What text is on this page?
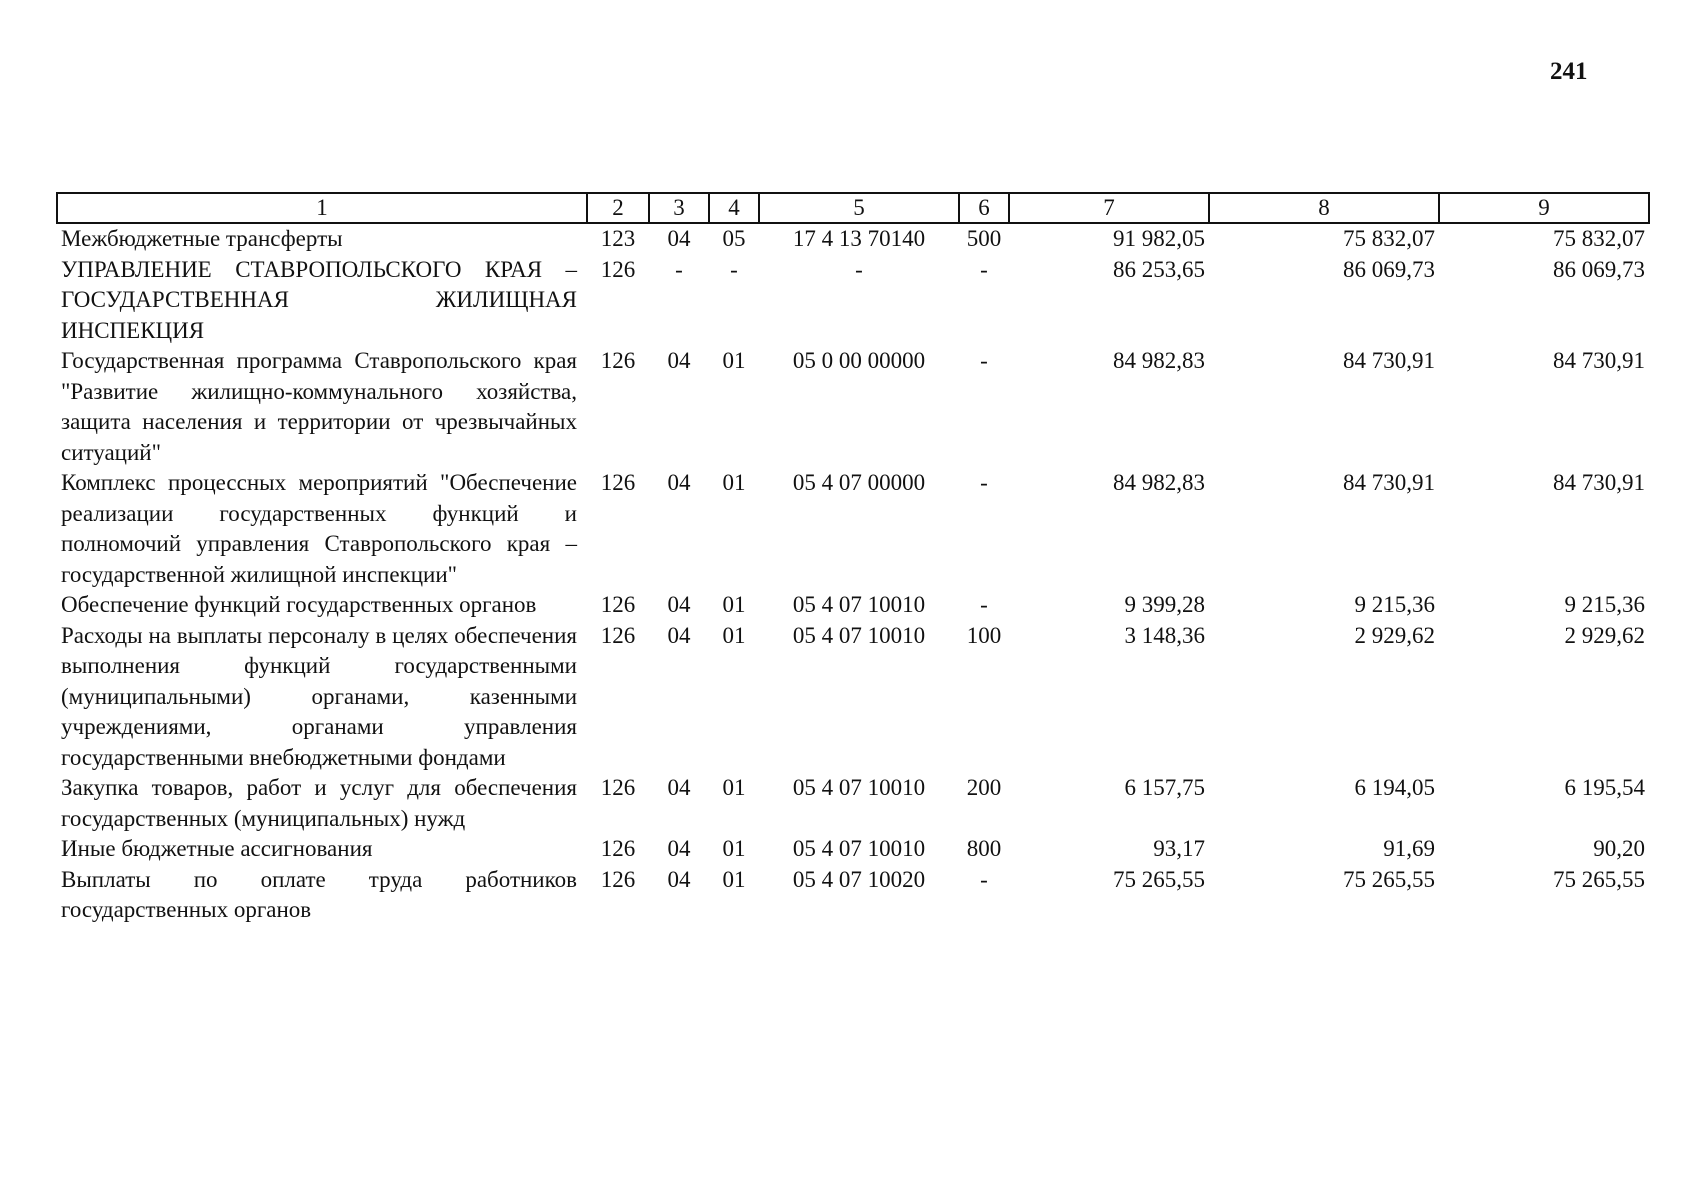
241
1	2	3	4	5	6	7	8	9
Межбюджетные трансферты	123	04	05	17 4 13 70140	500	91 982,05	75 832,07	75 832,07
УПРАВЛЕНИЕ СТАВРОПОЛЬСКОГО КРАЯ – ГОСУДАРСТВЕННАЯ ЖИЛИЩНАЯ ИНСПЕКЦИЯ	126	-	-	-	-	86 253,65	86 069,73	86 069,73
Государственная программа Ставропольского края "Развитие жилищно-коммунального хозяйства, защита населения и территории от чрезвычайных ситуаций"	126	04	01	05 0 00 00000	-	84 982,83	84 730,91	84 730,91
Комплекс процессных мероприятий "Обеспечение реализации государственных функций и полномочий управления Ставропольского края – государственной жилищной инспекции"	126	04	01	05 4 07 00000	-	84 982,83	84 730,91	84 730,91
Обеспечение функций государственных органов	126	04	01	05 4 07 10010	-	9 399,28	9 215,36	9 215,36
Расходы на выплаты персоналу в целях обеспечения выполнения функций государственными (муниципальными) органами, казенными учреждениями, органами управления государственными внебюджетными фондами	126	04	01	05 4 07 10010	100	3 148,36	2 929,62	2 929,62
Закупка товаров, работ и услуг для обеспечения государственных (муниципальных) нужд	126	04	01	05 4 07 10010	200	6 157,75	6 194,05	6 195,54
Иные бюджетные ассигнования	126	04	01	05 4 07 10010	800	93,17	91,69	90,20
Выплаты по оплате труда работников государственных органов	126	04	01	05 4 07 10020	-	75 265,55	75 265,55	75 265,55
